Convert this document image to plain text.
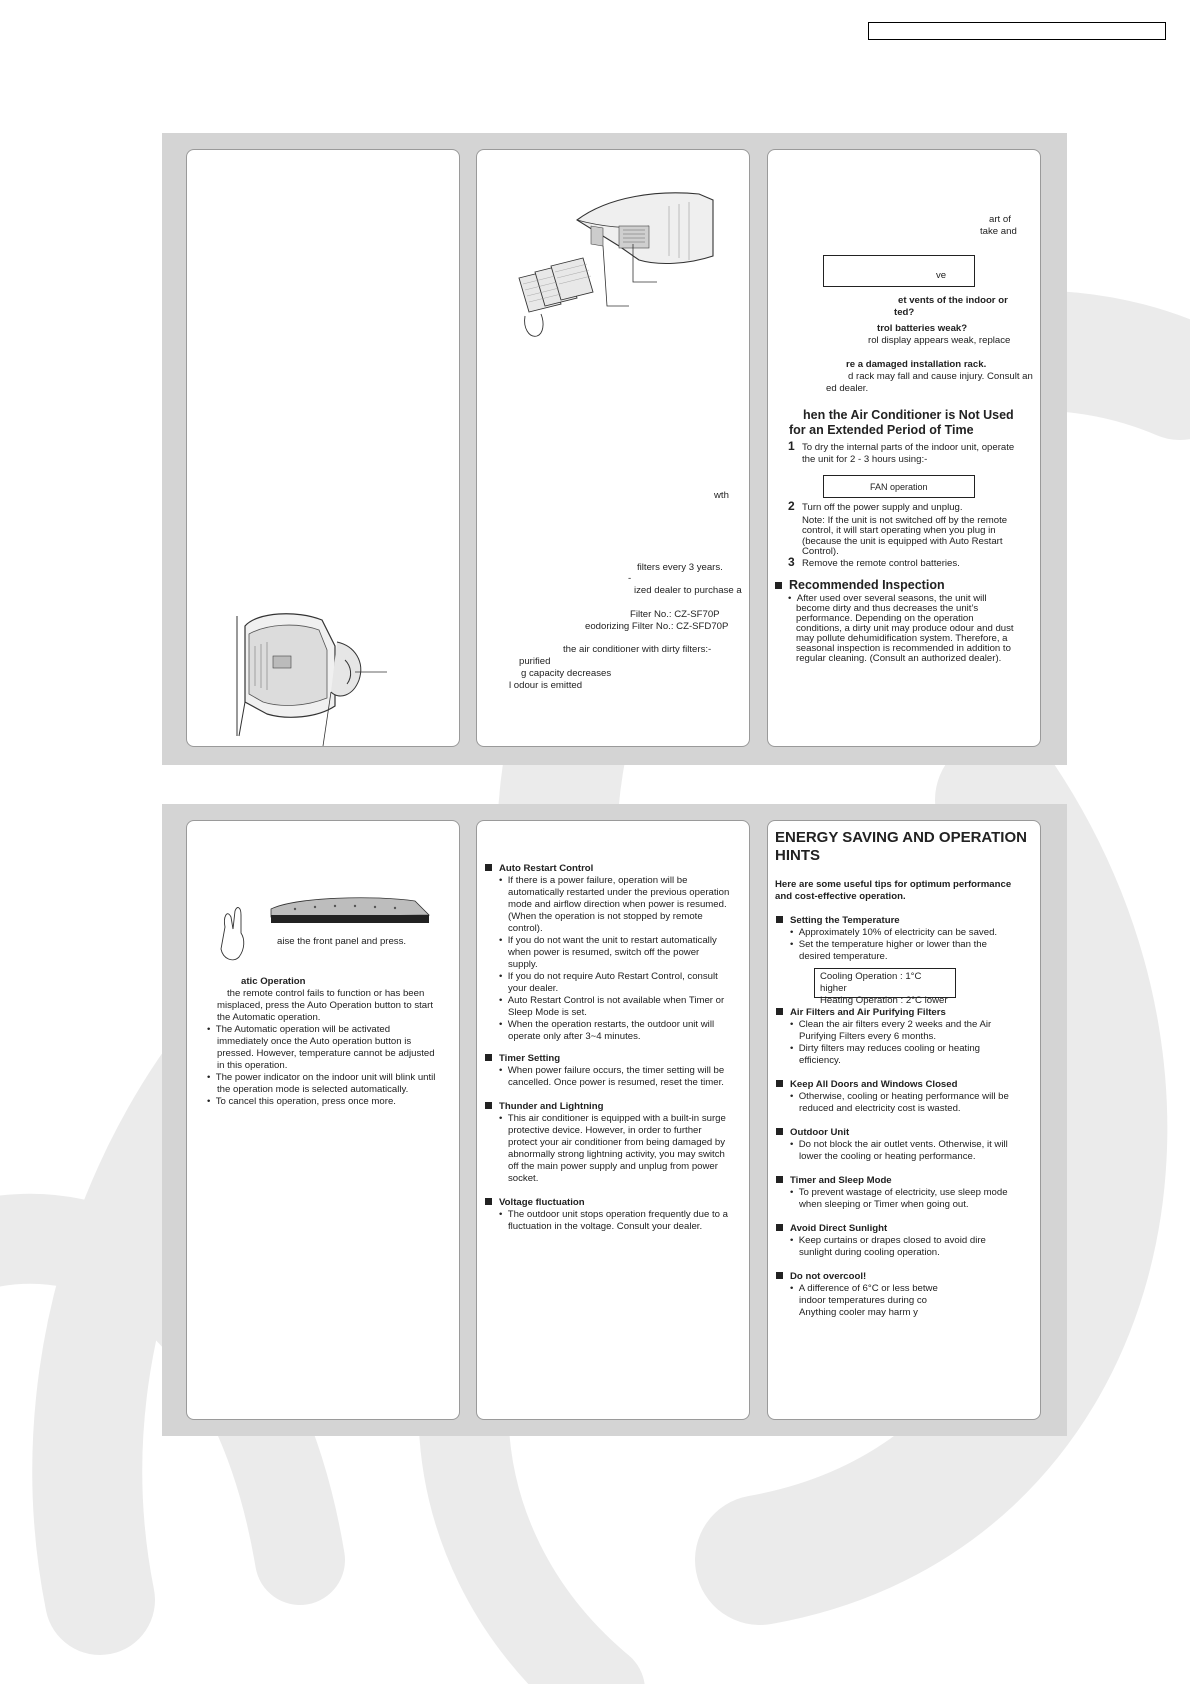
wth
filters every 3 years.
-
ized dealer to purchase a
Filter No.: CZ-SF70P
eodorizing Filter No.: CZ-SFD70P
the air conditioner with dirty filters:-
purified
g capacity decreases
l odour is emitted
art of
take and
ve
et vents of the indoor or
ted?
trol batteries weak?
rol display appears weak, replace
re a damaged installation rack.
d rack may fall and cause injury. Consult an
ed dealer.
hen the Air Conditioner is Not Used
for an Extended Period of Time
1 To dry the internal parts of the indoor unit, operate
the unit for 2 - 3 hours using:-
FAN operation
2 Turn off the power supply and unplug.
Note: If the unit is not switched off by the remote
control, it will start operating when you plug in
(because the unit is equipped with Auto Restart
Control).
3 Remove the remote control batteries.
Recommended Inspection
•  After used over several seasons, the unit will
become dirty and thus decreases the unit’s
performance. Depending on the operation
conditions, a dirty unit may produce odour and dust
may pollute dehumidification system. Therefore, a
seasonal inspection is recommended in addition to
regular cleaning. (Consult an authorized dealer).
aise the front panel and press.
atic Operation
the remote control fails to function or has been
misplaced, press the Auto Operation button to start
the Automatic operation.
•  The Automatic operation will be activated
immediately once the Auto operation button is
pressed. However, temperature cannot be adjusted
in this operation.
•  The power indicator on the indoor unit will blink until
the operation mode is selected automatically.
•  To cancel this operation, press once more.
Auto Restart Control
•  If there is a power failure, operation will be
automatically restarted under the previous operation
mode and airflow direction when power is resumed.
(When the operation is not stopped by remote
control).
•  If you do not want the unit to restart automatically
when power is resumed, switch off the power
supply.
•  If you do not require Auto Restart Control, consult
your dealer.
•  Auto Restart Control is not available when Timer or
Sleep Mode is set.
•  When the operation restarts, the outdoor unit will
operate only after 3~4 minutes.
Timer Setting
•  When power failure occurs, the timer setting will be
cancelled. Once power is resumed, reset the timer.
Thunder and Lightning
•  This air conditioner is equipped with a built-in surge
protective device. However, in order to further
protect your air conditioner from being damaged by
abnormally strong lightning activity, you may switch
off the main power supply and unplug from power
socket.
Voltage fluctuation
•  The outdoor unit stops operation frequently due to a
fluctuation in the voltage. Consult your dealer.
ENERGY SAVING AND OPERATION
HINTS
Here are some useful tips for optimum performance
and cost-effective operation.
Setting the Temperature
•  Approximately 10% of electricity can be saved.
•  Set the temperature higher or lower than the
desired temperature.
Cooling Operation : 1°C higher
Heating Operation : 2°C lower
Air Filters and Air Purifying Filters
•  Clean the air filters every 2 weeks and the Air
Purifying Filters every 6 months.
•  Dirty filters may reduces cooling or heating
efficiency.
Keep All Doors and Windows Closed
•  Otherwise, cooling or heating performance will be
reduced and electricity cost is wasted.
Outdoor Unit
•  Do not block the air outlet vents. Otherwise, it will
lower the cooling or heating performance.
Timer and Sleep Mode
•  To prevent wastage of electricity, use sleep mode
when sleeping or Timer when going out.
Avoid Direct Sunlight
•  Keep curtains or drapes closed to avoid dire
sunlight during cooling operation.
Do not overcool!
•  A difference of 6°C or less betwe
indoor temperatures during co
Anything cooler may harm y
